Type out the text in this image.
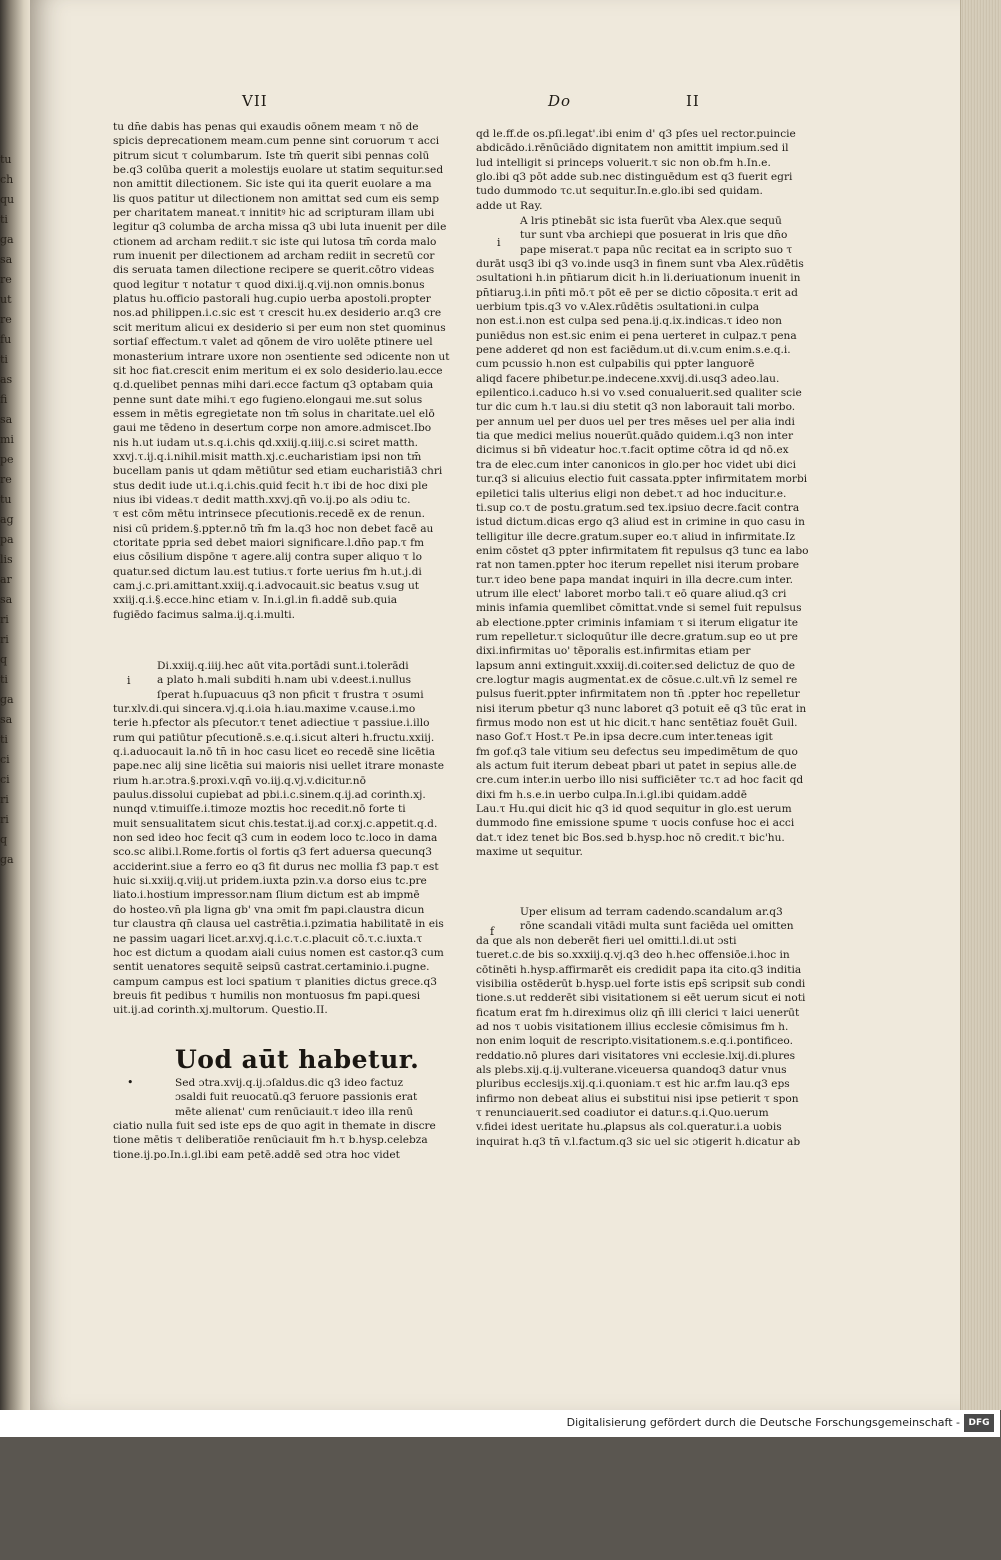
tu
ch
qu
ti
ga
sa
re
ut
re
fu
ti
as
fi
sa
mi
pe
re
tu
ag
pa
lis
ar
sa
ri
ri
q
ti
ga
sa
ti
ci
ci
ri
ri
q
ga
VII	Do	II

tu dn̄e dabis has penas qui exaudis oōnem meam τ nō de

spicis deprecationem meam.cum penne sint coruorum τ acci

pitrum sicut τ columbarum. Iste tm̄ querit sibi pennas colū

be.q3 colūba querit a molestijs euolare ut statim sequitur.sed

non amittit dilectionem. Sic iste qui ita querit euolare a ma

lis quos patitur ut dilectionem non amittat sed cum eis semp

per charitatem maneat.τ innititꝰ hic ad scripturam illam ubi

legitur q3 columba de archa missa q3 ubi luta inuenit per dile

ctionem ad archam rediit.τ sic iste qui lutosa tm̄ corda malo

rum inuenit per dilectionem ad archam rediit in secretū cor

dis seruata tamen dilectione recipere se querit.cōtro videas

quod legitur τ notatur τ quod dixi.ij.q.vij.non omnis.bonus

platus hu.officio pastorali hug.cupio uerba apostoli.propter

nos.ad philippen.i.c.sic est τ crescit hu.ex desiderio ar.q3 cre

scit meritum alicui ex desiderio si per eum non stet quominus

sortiaſ effectum.τ valet ad qōnem de viro uolēte ptinere uel

monasterium intrare uxore non ɔsentiente sed ɔdicente non ut

sit hoc fiat.crescit enim meritum ei ex solo desiderio.lau.ecce

q.d.quelibet pennas mihi dari.ecce factum q3 optabam quia

penne sunt date mihi.τ ego fugieno.elongaui me.sut solus

essem in mētis egregietate non tm̄ solus in charitate.uel elō

gaui me tēdeno in desertum corpe non amore.admiscet.Ibo

nis h.ut iudam ut.s.q.i.chis qd.xxiij.q.iiij.c.si sciret matth.

xxvj.τ.ij.q.i.nihil.misit matth.xj.c.eucharistiam ipsi non tm̄

bucellam panis ut qdam mētiūtur sed etiam eucharistiā3 chri

stus dedit iude ut.i.q.i.chis.quid fecit h.τ ibi de hoc dixi ple

nius ibi videas.τ dedit matth.xxvj.qn̄ vo.ij.po als ɔdiu tc.

τ est cōm mētu intrinsece pſecutionis.recedē ex de renun.

nisi cū pridem.§.ppter.nō tm̄ fm la.q3 hoc non debet facē au

ctoritate ppria sed debet maiori significare.l.dn̄o pap.τ fm

eius cōsilium dispōne τ agere.alij contra super aliquo τ lo

quatur.sed dictum lau.est tutius.τ forte uerius fm h.ut.j.di

cam.j.c.pri.amittant.xxiij.q.i.advocauit.sic beatus v.sug ut

xxiij.q.i.§.ecce.hinc etiam v. In.i.gl.in fi.addē sub.quia

fugiēdo facimus salma.ij.q.i.multi.

i

Di.xxiij.q.iiij.hec aūt vita.portādi sunt.i.tolerādi

a plato h.mali subditi h.nam ubi v.deest.i.nullus

ſperat h.ſupuacuus q3 non pficit τ frustra τ ɔsumi

tur.xlv.di.qui sincera.vj.q.i.oia h.iau.maxime v.cause.i.mo

terie h.pfector als pſecutor.τ tenet adiectiue τ passiue.i.illo

rum qui patiūtur pſecutionē.s.e.q.i.sicut alteri h.fructu.xxiij.

q.i.aduocauit la.nō tn̄ in hoc casu licet eo recedē sine licētia

pape.nec alij sine licētia sui maioris nisi uellet itrare monaste

rium h.ar.ɔtra.§.proxi.v.qn̄ vo.iij.q.vj.v.dicitur.nō

paulus.dissolui cupiebat ad pbi.i.c.sinem.q.ij.ad corinth.xj.

nunqd v.timuiſſe.i.timoze moztis hoc recedit.nō forte ti

muit sensualitatem sicut chis.testat.ij.ad cor.xj.c.appetit.q.d.

non sed ideo hoc fecit q3 cum in eodem loco tc.loco in dama

sco.sc alibi.l.Rome.fortis ol fortis q3 fert aduersa quecunq3

acciderint.siue a ferro eo q3 fit durus nec mollia f3 pap.τ est

huic si.xxiij.q.viij.ut pridem.iuxta pzin.v.a dorso eius tc.pre

liato.i.hostium impressor.nam ſlium dictum est ab impmē

do hosteo.vn̄ pla ligna gb' vna ɔmit fm papi.claustra dicun

tur claustra qn̄ clausa uel castrētia.i.pzimatia habilitatē in eis

ne passim uagari licet.ar.xvj.q.i.c.τ.c.placuit cō.τ.c.iuxta.τ

hoc est dictum a quodam aiali cuius nomen est castor.q3 cum

sentit uenatores sequitē seipsū castrat.certaminio.i.pugne.

campum campus est loci spatium τ planities dictus grece.q3

breuis fit pedibus τ humilis non montuosus fm papi.quesi

uit.ij.ad corinth.xj.multorum. Questio.II.

Uod aūt habetur.
•	Sed ɔtra.xvij.q.ij.ɔſaldus.dic q3 ideo factuz

ɔsaldi fuit reuocatū.q3 feruore passionis erat

mēte alienat' cum renūciauit.τ ideo illa renū

ciatio nulla fuit sed iste eps de quo agit in themate in discre

tione mētis τ deliberatiōe renūciauit fm h.τ b.hysp.celebza

tione.ij.po.In.i.gl.ibi eam petē.addē sed ɔtra hoc videt

qd le.ff.de os.pſi.legat'.ibi enim d' q3 pſes uel rector.puincie

abdicādo.i.rēnūciādo dignitatem non amittit impium.sed il

lud intelligit si princeps voluerit.τ sic non ob.fm h.In.e.

glo.ibi q3 pōt adde sub.nec distinguēdum est q3 fuerit egri

tudo dummodo τc.ut sequitur.In.e.glo.ibi sed quidam.

adde ut Ray.

i

A lris ptinebāt sic ista fuerūt vba Alex.que sequū

tur sunt vba archiepi que posuerat in lris que dn̄o

pape miserat.τ papa nūc recitat ea in scripto suo τ

durāt usq3 ibi q3 vo.inde usq3 in finem sunt vba Alex.rūdētis

ɔsultationi h.in pn̄tiarum dicit h.in li.deriuationum inuenit in

pn̄tiaruꝫ.i.in pn̄ti mō.τ pōt eē per se dictio cōposita.τ erit ad

uerbium tpis.q3 vo v.Alex.rūdētis ɔsultationi.in culpa

non est.i.non est culpa sed pena.ij.q.ix.indicas.τ ideo non

puniēdus non est.sic enim ei pena uerteret in culpaz.τ pena

pene adderet qd non est faciēdum.ut di.v.cum enim.s.e.q.i.

cum pcussio h.non est culpabilis qui ppter languorē

aliqd facere phibetur.pe.indecene.xxvij.di.usq3 adeo.lau.

epilentico.i.caduco h.si vo v.sed conualuerit.sed qualiter scie

tur dic cum h.τ lau.si diu stetit q3 non laborauit tali morbo.

per annum uel per duos uel per tres mēses uel per alia indi

tia que medici melius nouerūt.quādo quidem.i.q3 non inter

dicimus si bn̄ videatur hoc.τ.facit optime cōtra id qd nō.ex

tra de elec.cum inter canonicos in glo.per hoc videt ubi dici

tur.q3 si alicuius electio fuit cassata.ppter infirmitatem morbi

epiletici talis ulterius eligi non debet.τ ad hoc inducitur.e.

ti.sup co.τ de postu.gratum.sed tex.ipsiuo decre.facit contra

istud dictum.dicas ergo q3 aliud est in crimine in quo casu in

telligitur ille decre.gratum.super eo.τ aliud in infirmitate.Iz

enim cōstet q3 ppter infirmitatem fit repulsus q3 tunc ea labo

rat non tamen.ppter hoc iterum repellet nisi iterum probare

tur.τ ideo bene papa mandat inquiri in illa decre.cum inter.

utrum ille elect' laboret morbo tali.τ eō quare aliud.q3 cri

minis infamia quemlibet cōmittat.vnde si semel fuit repulsus

ab electione.ppter criminis infamiam τ si iterum eligatur ite

rum repelletur.τ sicloquūtur ille decre.gratum.sup eo ut pre

dixi.infirmitas uo' tēporalis est.infirmitas etiam per

lapsum anni extinguit.xxxiij.di.coiter.sed delictuz de quo de

cre.logtur magis augmentat.ex de cōsue.c.ult.vn̄ lz semel re

pulsus fuerit.ppter infirmitatem non tn̄ .ppter hoc repelletur

nisi iterum pbetur q3 nunc laboret q3 potuit eē q3 tūc erat in

firmus modo non est ut hic dicit.τ hanc sentētiaz fouēt Guil.

naso Gof.τ Host.τ Pe.in ipsa decre.cum inter.teneas igit

fm gof.q3 tale vitium seu defectus seu impedimētum de quo

als actum fuit iterum debeat pbari ut patet in sepius alle.de

cre.cum inter.in uerbo illo nisi sufficiēter τc.τ ad hoc facit qd

dixi fm h.s.e.in uerbo culpa.In.i.gl.ibi quidam.addē

Lau.τ Hu.qui dicit hic q3 id quod sequitur in glo.est uerum

dummodo fine emissione spume τ uocis confuse hoc ei acci

dat.τ idez tenet bic Bos.sed b.hysp.hoc nō credit.τ bic'hu.

maxime ut sequitur.

f

Uper elisum ad terram cadendo.scandalum ar.q3

rōne scandali vitādi multa sunt faciēda uel omitten

da que als non deberēt fieri uel omitti.l.di.ut ɔsti

tueret.c.de bis so.xxxiij.q.vj.q3 deo h.hec offensiōe.i.hoc in

cōtinēti h.hysp.affirmarēt eis credidit papa ita cito.q3 inditia

visibilia ostēderūt b.hysp.uel forte istis eps̄ scripsit sub condi

tione.s.ut redderēt sibi visitationem si eēt uerum sicut ei noti

ficatum erat fm h.direximus oliz qn̄ illi clerici τ laici uenerūt

ad nos τ uobis visitationem illius ecclesie cōmisimus fm h.

non enim loquit de rescripto.visitationem.s.e.q.i.pontificeo.

reddatio.nō plures dari visitatores vni ecclesie.lxij.di.plures

als plebs.xij.q.ij.vulterane.viceuersa quandoq3 datur vnus

pluribus ecclesijs.xij.q.i.quoniam.τ est hic ar.fm lau.q3 eps

infirmo non debeat alius ei substitui nisi ipse petierit τ spon

τ renunciauerit.sed coadiutor ei datur.s.q.i.Quo.uerum

v.fidei idest ueritate hu.ꝓlapsus als col.queratur.i.a uobis

inquirat h.q3 tn̄ v.l.factum.q3 sic uel sic ɔtigerit h.dicatur ab

Digitalisierung gefördert durch die Deutsche Forschungsgemeinschaft - DFG
